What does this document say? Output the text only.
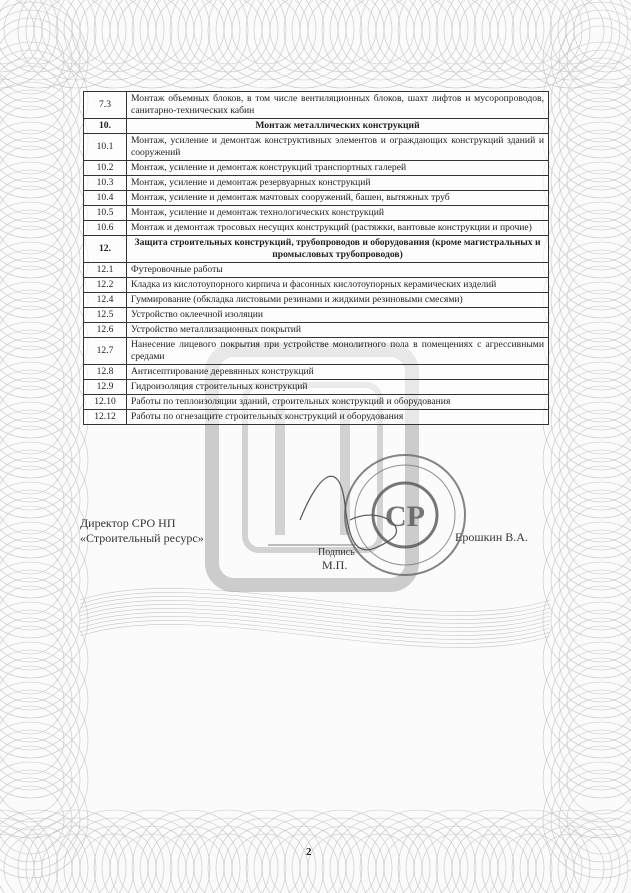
СР
7.3	Монтаж объемных блоков, в том числе вентиляционных блоков, шахт лифтов и мусоропроводов, санитарно-технических кабин
10.	Монтаж металлических конструкций
10.1	Монтаж, усиление и демонтаж конструктивных элементов и ограждающих конструкций зданий и сооружений
10.2	Монтаж, усиление и демонтаж конструкций транспортных галерей
10.3	Монтаж, усиление и демонтаж резервуарных конструкций
10.4	Монтаж, усиление и демонтаж мачтовых сооружений, башен, вытяжных труб
10.5	Монтаж, усиление и демонтаж технологических конструкций
10.6	Монтаж и демонтаж тросовых несущих конструкций (растяжки, вантовые конструкции и прочие)
12.	Защита строительных конструкций, трубопроводов и оборудования (кроме магистральных и промысловых трубопроводов)
12.1	Футеровочные работы
12.2	Кладка из кислотоупорного кирпича и фасонных кислотоупорных керамических изделий
12.4	Гуммирование (обкладка листовыми резинами и жидкими резиновыми смесями)
12.5	Устройство оклеечной изоляции
12.6	Устройство металлизационных покрытий
12.7	Нанесение лицевого покрытия при устройстве монолитного пола в помещениях с агрессивными средами
12.8	Антисептирование деревянных конструкций
12.9	Гидроизоляция строительных конструкций
12.10	Работы по теплоизоляции зданий, строительных конструкций и оборудования
12.12	Работы по огнезащите строительных конструкций и оборудования
Директор СРО НП
«Строительный ресурс»	Ерошкин В.А.
Подпись
М.П.
2
